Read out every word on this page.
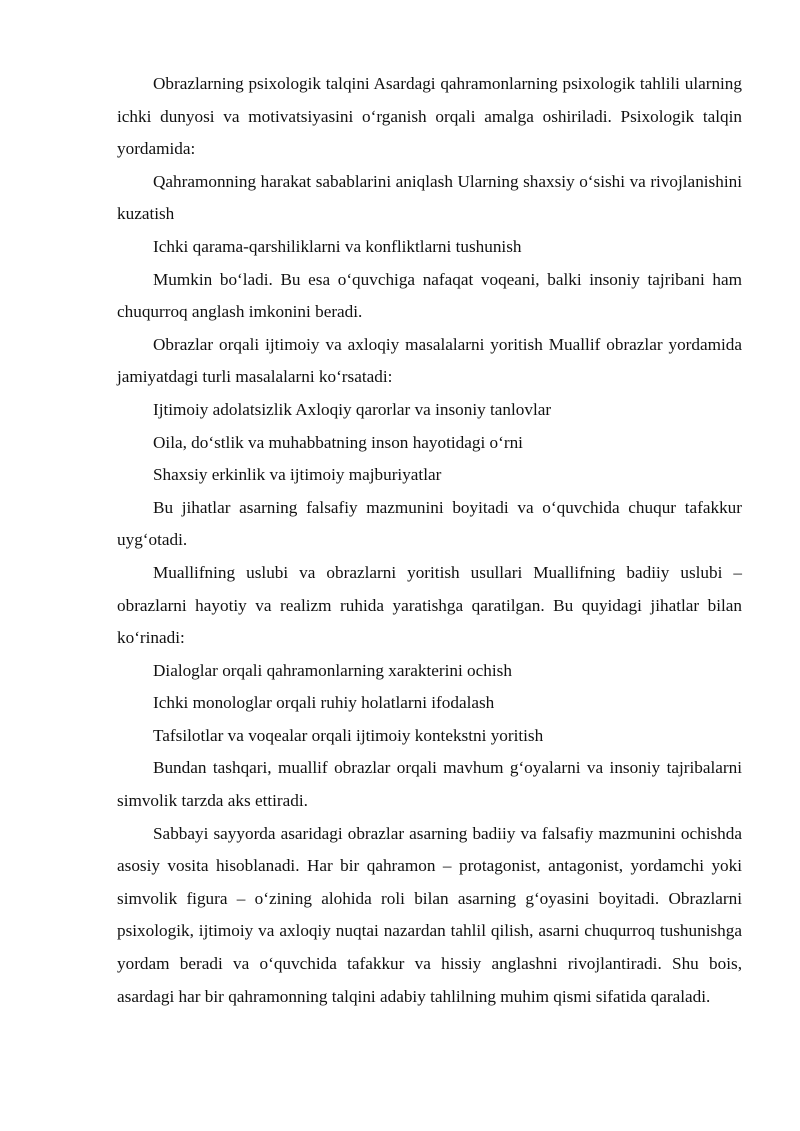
Obrazlarning psixologik talqini Asardagi qahramonlarning psixologik tahlili ularning ichki dunyosi va motivatsiyasini o‘rganish orqali amalga oshiriladi. Psixologik talqin yordamida:

Qahramonning harakat sabablarini aniqlash Ularning shaxsiy o‘sishi va rivojlanishini kuzatish

Ichki qarama-qarshiliklarni va konfliktlarni tushunish

Mumkin bo‘ladi. Bu esa o‘quvchiga nafaqat voqeani, balki insoniy tajribani ham chuqurroq anglash imkonini beradi.

Obrazlar orqali ijtimoiy va axloqiy masalalarni yoritish Muallif obrazlar yordamida jamiyatdagi turli masalalarni ko‘rsatadi:

Ijtimoiy adolatsizlik Axloqiy qarorlar va insoniy tanlovlar

Oila, do‘stlik va muhabbatning inson hayotidagi o‘rni

Shaxsiy erkinlik va ijtimoiy majburiyatlar

Bu jihatlar asarning falsafiy mazmunini boyitadi va o‘quvchida chuqur tafakkur uyg‘otadi.

Muallifning uslubi va obrazlarni yoritish usullari Muallifning badiiy uslubi – obrazlarni hayotiy va realizm ruhida yaratishga qaratilgan. Bu quyidagi jihatlar bilan ko‘rinadi:

Dialoglar orqali qahramonlarning xarakterini ochish

Ichki monologlar orqali ruhiy holatlarni ifodalash

Tafsilotlar va voqealar orqali ijtimoiy kontekstni yoritish

Bundan tashqari, muallif obrazlar orqali mavhum g‘oyalarni va insoniy tajribalarni simvolik tarzda aks ettiradi.

Sabbayi sayyorda asaridagi obrazlar asarning badiiy va falsafiy mazmunini ochishda asosiy vosita hisoblanadi. Har bir qahramon – protagonist, antagonist, yordamchi yoki simvolik figura – o‘zining alohida roli bilan asarning g‘oyasini boyitadi. Obrazlarni psixologik, ijtimoiy va axloqiy nuqtai nazardan tahlil qilish, asarni chuqurroq tushunishga yordam beradi va o‘quvchida tafakkur va hissiy anglashni rivojlantiradi. Shu bois, asardagi har bir qahramonning talqini adabiy tahlilning muhim qismi sifatida qaraladi.
